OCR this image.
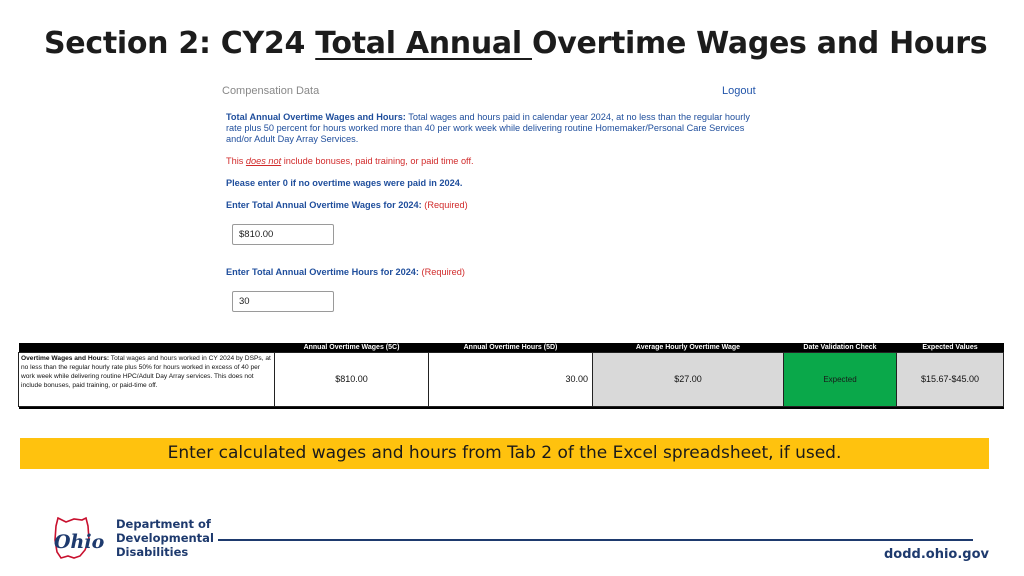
Section 2: CY24 Total Annual Overtime Wages and Hours
Compensation Data	Logout
Total Annual Overtime Wages and Hours: Total wages and hours paid in calendar year 2024, at no less than the regular hourly rate plus 50 percent for hours worked more than 40 per work week while delivering routine Homemaker/Personal Care Services and/or Adult Day Array Services.
This does not include bonuses, paid training, or paid time off.
Please enter 0 if no overtime wages were paid in 2024.
Enter Total Annual Overtime Wages for 2024: (Required)
$810.00
Enter Total Annual Overtime Hours for 2024: (Required)
30
	Annual Overtime Wages (5C)	Annual Overtime Hours (5D)	Average Hourly Overtime Wage	Date Validation Check	Expected Values
Overtime Wages and Hours: Total wages and hours worked in CY 2024 by DSPs, at no less than the regular hourly rate plus 50% for hours worked in excess of 40 per work week while delivering routine HPC/Adult Day Array services. This does not include bonuses, paid training, or paid-time off.	$810.00	30.00	$27.00	Expected	$15.67-$45.00

Enter calculated wages and hours from Tab 2 of the Excel spreadsheet, if used.
Ohio
Department of
Developmental
Disabilities	dodd.ohio.gov
